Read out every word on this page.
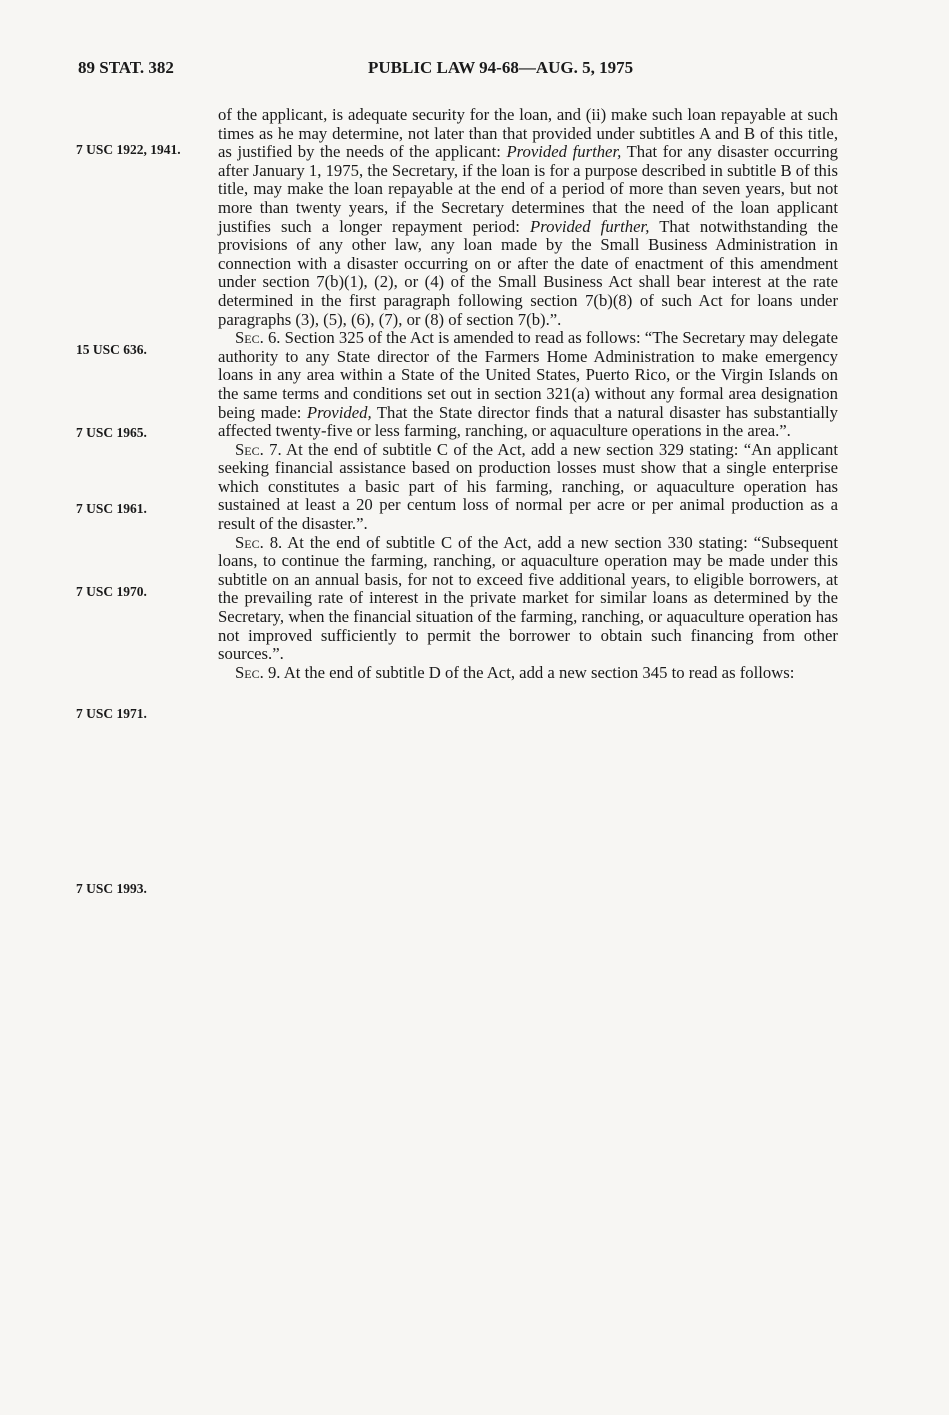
89 STAT. 382	PUBLIC LAW 94-68—AUG. 5, 1975
7 USC 1922, 1941.
15 USC 636.
7 USC 1965.
7 USC 1961.
7 USC 1970.
7 USC 1971.
7 USC 1993.

of the applicant, is adequate security for the loan, and (ii) make such loan repayable at such times as he may determine, not later than that provided under subtitles A and B of this title, as justified by the needs of the applicant: Provided further, That for any disaster occurring after January 1, 1975, the Secretary, if the loan is for a purpose described in subtitle B of this title, may make the loan repayable at the end of a period of more than seven years, but not more than twenty years, if the Secretary determines that the need of the loan applicant justifies such a longer repayment period: Provided further, That notwithstanding the provisions of any other law, any loan made by the Small Business Administration in connection with a disaster occurring on or after the date of enactment of this amendment under section 7(b)(1), (2), or (4) of the Small Business Act shall bear interest at the rate determined in the first paragraph following section 7(b)(8) of such Act for loans under paragraphs (3), (5), (6), (7), or (8) of section 7(b).”.

Sec. 6. Section 325 of the Act is amended to read as follows: “The Secretary may delegate authority to any State director of the Farmers Home Administration to make emergency loans in any area within a State of the United States, Puerto Rico, or the Virgin Islands on the same terms and conditions set out in section 321(a) without any formal area designation being made: Provided, That the State director finds that a natural disaster has substantially affected twenty-five or less farming, ranching, or aquaculture operations in the area.”.

Sec. 7. At the end of subtitle C of the Act, add a new section 329 stating: “An applicant seeking financial assistance based on production losses must show that a single enterprise which constitutes a basic part of his farming, ranching, or aquaculture operation has sustained at least a 20 per centum loss of normal per acre or per animal production as a result of the disaster.”.

Sec. 8. At the end of subtitle C of the Act, add a new section 330 stating: “Subsequent loans, to continue the farming, ranching, or aquaculture operation may be made under this subtitle on an annual basis, for not to exceed five additional years, to eligible borrowers, at the prevailing rate of interest in the private market for similar loans as determined by the Secretary, when the financial situation of the farming, ranching, or aquaculture operation has not improved sufficiently to permit the borrower to obtain such financing from other sources.”.

Sec. 9. At the end of subtitle D of the Act, add a new section 345 to read as follows:
